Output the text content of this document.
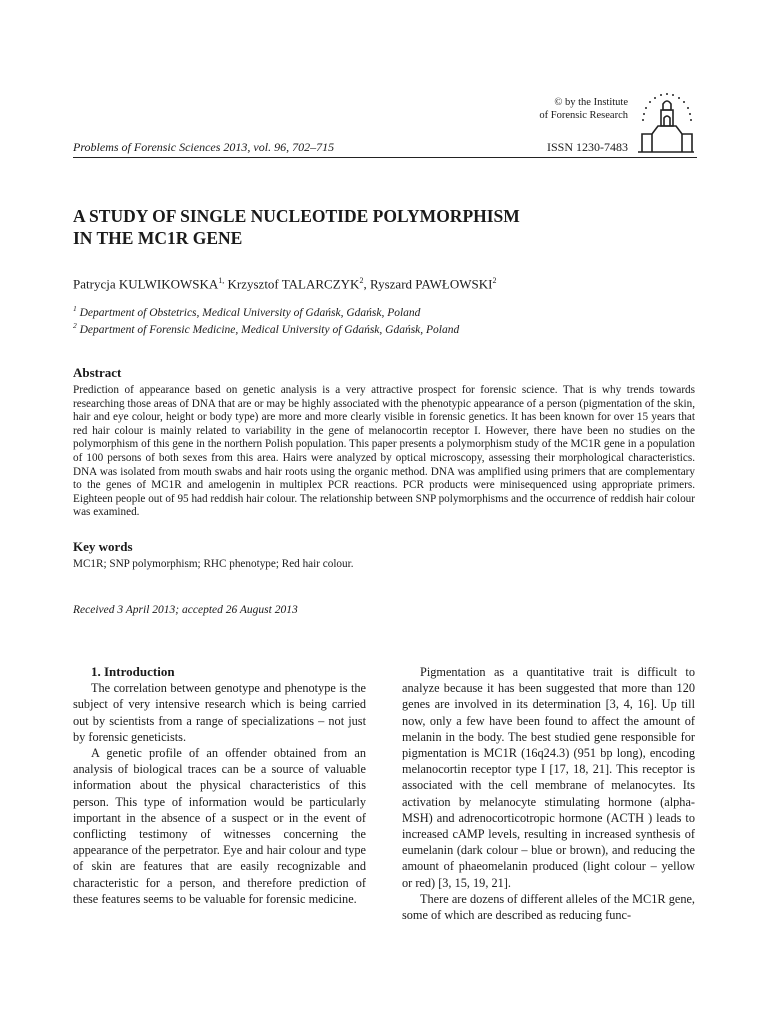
© by the Institute
of Forensic Research
Problems of Forensic Sciences 2013, vol. 96, 702–715	ISSN 1230-7483
A STUDY OF SINGLE NUCLEOTIDE POLYMORPHISM
IN THE MC1R GENE
Patrycja $KULWIKOWSKA^{1,}$ Krzysztof TALARCZYK$^2$, Ryszard PAWŁOWSKI$^2$
$^1$ Department of Obstetrics, Medical University of Gdańsk, Gdańsk, Poland
$^2$ Department of Forensic Medicine, Medical University of Gdańsk, Gdańsk, Poland
Abstract
Prediction of appearance based on genetic analysis is a very attractive prospect for forensic science. That is why trends towards researching those areas of DNA that are or may be highly associated with the phenotypic appearance of a person (pigmentation of the skin, hair and eye colour, height or body type) are more and more clearly visible in forensic genetics. It has been known for over 15 years that red hair colour is mainly related to variability in the gene of melanocortin receptor I. However, there have been no studies on the polymorphism of this gene in the northern Polish population. This paper presents a polymorphism study of the MC1R gene in a population of 100 persons of both sexes from this area. Hairs were analyzed by optical microscopy, assessing their morphological characteristics. DNA was isolated from mouth swabs and hair roots using the organic method. DNA was amplified using primers that are complementary to the genes of MC1R and amelogenin in multiplex PCR reactions. PCR products were minisequenced using appropriate primers. Eighteen people out of 95 had reddish hair colour. The relationship between SNP polymorphisms and the occurrence of reddish hair colour was examined.
Key words
MC1R; SNP polymorphism; RHC phenotype; Red hair colour.
Received 3 April 2013; accepted 26 August 2013

1. Introduction

The correlation between genotype and phenotype is the subject of very intensive research which is being carried out by scientists from a range of specializations – not just by forensic geneticists.

A genetic profile of an offender obtained from an analysis of biological traces can be a source of valuable information about the physical characteristics of this person. This type of information would be particularly important in the absence of a suspect or in the event of conflicting testimony of witnesses concerning the appearance of the perpetrator. Eye and hair colour and type of skin are features that are easily recognizable and characteristic for a person, and therefore prediction of these features seems to be valuable for forensic medicine.

Pigmentation as a quantitative trait is difficult to analyze because it has been suggested that more than 120 genes are involved in its determination [3, 4, 16]. Up till now, only a few have been found to affect the amount of melanin in the body. The best studied gene responsible for pigmentation is MC1R (16q24.3) (951 bp long), encoding melanocortin receptor type I [17, 18, 21]. This receptor is associated with the cell membrane of melanocytes. Its activation by melanocyte stimulating hormone (alpha-MSH) and adrenocorticotropic hormone (ACTH ) leads to increased cAMP levels, resulting in increased synthesis of eumelanin (dark colour – blue or brown), and reducing the amount of phaeomelanin produced (light colour – yellow or red) [3, 15, 19, 21].

There are dozens of different alleles of the MC1R gene, some of which are described as reducing func-
